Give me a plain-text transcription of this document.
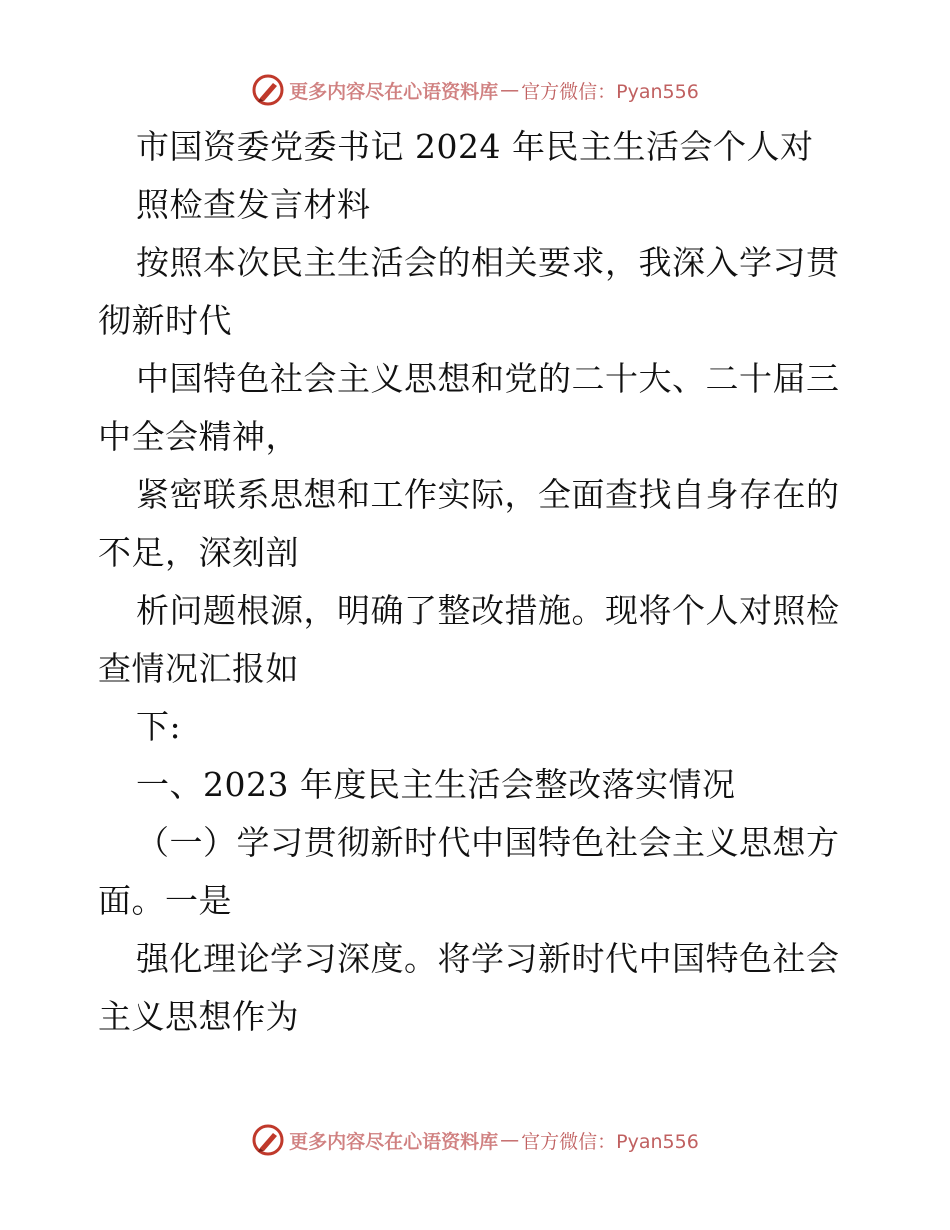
更多内容尽在心语资料库 — 官方微信：Pyan556
市国资委党委书记 2024 年民主生活会个人对
照检查发言材料
按照本次民主生活会的相关要求，我深入学习贯
彻新时代
中国特色社会主义思想和党的二十大、二十届三
中全会精神，
紧密联系思想和工作实际，全面查找自身存在的
不足，深刻剖
析问题根源，明确了整改措施。现将个人对照检
查情况汇报如
下:
一、2023 年度民主生活会整改落实情况
（一）学习贯彻新时代中国特色社会主义思想方
面。一是
强化理论学习深度。将学习新时代中国特色社会
主义思想作为
更多内容尽在心语资料库 — 官方微信：Pyan556
